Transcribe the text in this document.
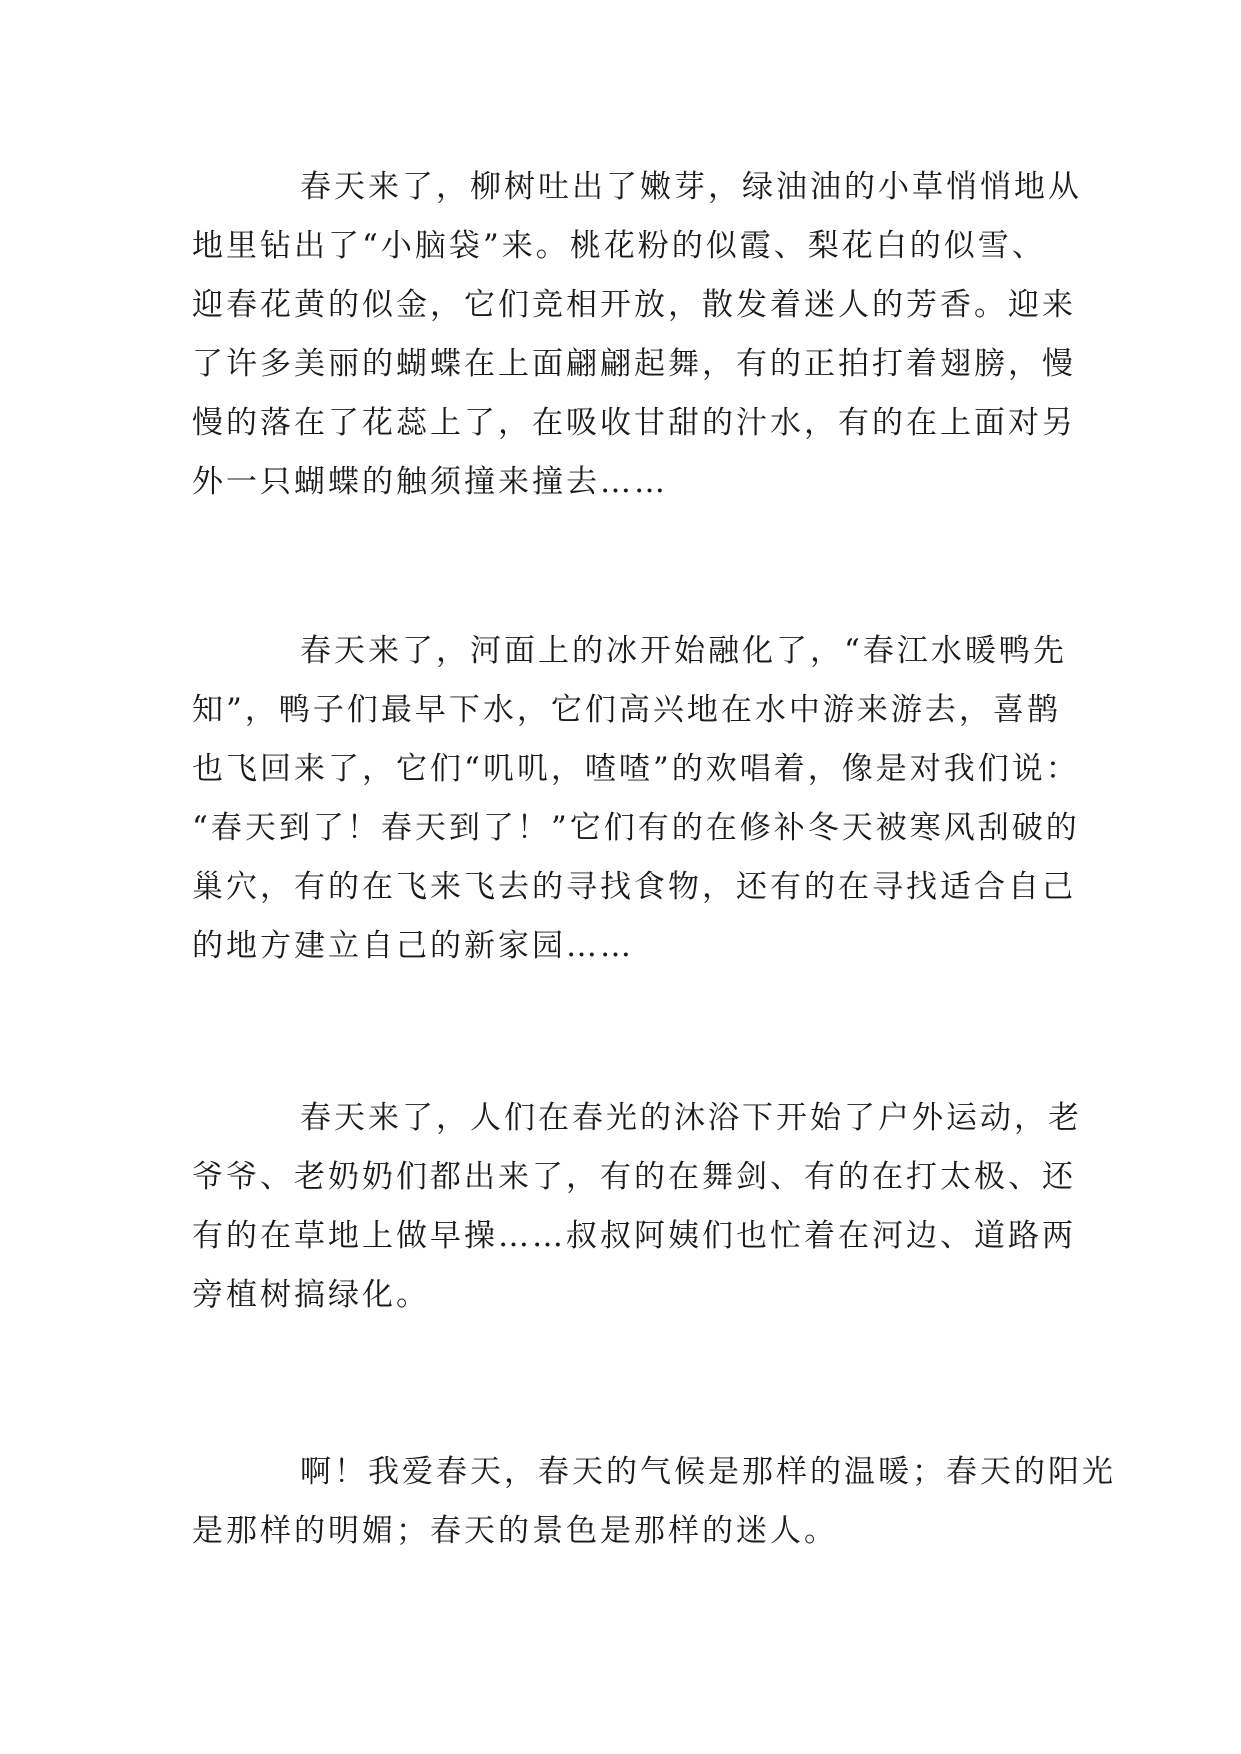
春天来了，柳树吐出了嫩芽，绿油油的小草悄悄地从
地里钻出了“小脑袋”来。桃花粉的似霞、梨花白的似雪、
迎春花黄的似金，它们竞相开放，散发着迷人的芳香。迎来
了许多美丽的蝴蝶在上面翩翩起舞，有的正拍打着翅膀，慢
慢的落在了花蕊上了，在吸收甘甜的汁水，有的在上面对另
外一只蝴蝶的触须撞来撞去……

春天来了，河面上的冰开始融化了，“春江水暖鸭先
知”，鸭子们最早下水，它们高兴地在水中游来游去，喜鹊
也飞回来了，它们“叽叽，喳喳”的欢唱着，像是对我们说：
“春天到了！春天到了！”它们有的在修补冬天被寒风刮破的
巢穴，有的在飞来飞去的寻找食物，还有的在寻找适合自己
的地方建立自己的新家园……

春天来了，人们在春光的沐浴下开始了户外运动，老
爷爷、老奶奶们都出来了，有的在舞剑、有的在打太极、还
有的在草地上做早操……叔叔阿姨们也忙着在河边、道路两
旁植树搞绿化。

啊！我爱春天，春天的气候是那样的温暖；春天的阳光
是那样的明媚；春天的景色是那样的迷人。
